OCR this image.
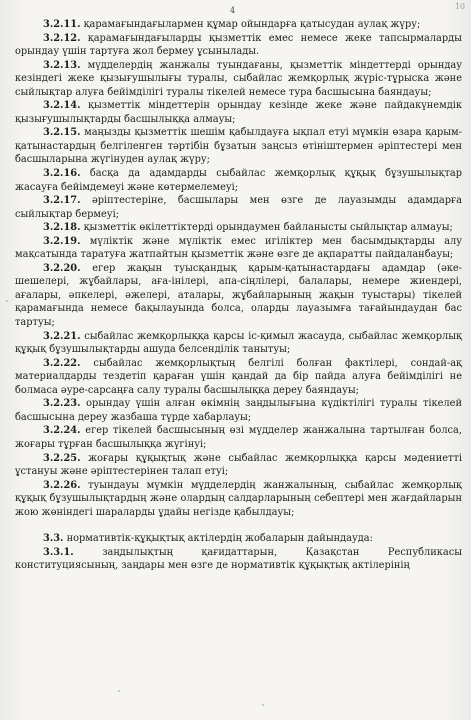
4	10

3.2.11. қарамағындағылармен құмар ойындарға қатысудан аулақ жүру;

3.2.12. қарамағындағыларды қызметтік емес немесе жеке тапсырмаларды орындау үшін тартуға жол бермеу ұсынылады.

3.2.13. мүдделердің жанжалы туындағаны, қызметтік міндеттерді орындау кезіндегі жеке қызығушылығы туралы, сыбайлас жемқорлық жүріс-тұрыска және сыйлықтар алуға бейімділігі туралы тікелей немесе тура басшысына баяндауы;

3.2.14. қызметтік міндеттерін орындау кезінде жеке және пайдакүнемдік қызығушылықтарды басшылыққа алмауы;

3.2.15. маңызды қызметтік шешім қабылдауға ықпал етуі мүмкін өзара қарым-қатынастардың белгіленген тәртібін бұзатын заңсыз өтініштермен әріптестері мен басшыларына жүгінуден аулақ жүру;

3.2.16. басқа да адамдарды сыбайлас жемқорлық құқық бұзушылықтар жасауға бейімдемеуі және көтермелемеуі;

3.2.17. әріптестеріне, басшылары мен өзге де лауазымды адамдарға сыйлықтар бермеуі;

3.2.18. қызметтік өкілеттіктерді орындаумен байланысты сыйлықтар алмауы;

3.2.19. мүліктік және мүліктік емес игіліктер мен басымдықтарды алу мақсатында таратуға жатпайтын қызметтік және өзге де ақпаратты пайдаланбауы;

3.2.20. егер жақын туысқандық қарым-қатынастардағы адамдар (әке-шешелері, жұбайлары, аға-інілері, апа-сіңлілері, балалары, немере жиендері, ағалары, әпкелері, әжелері, аталары, жұбайларының жақын туыстары) тікелей қарамағында немесе бақылауында болса, оларды лауазымға тағайындаудан бас тартуы;

3.2.21. сыбайлас жемқорлыққа қарсы іс-қимыл жасауда, сыбайлас жемқорлық құқық бұзушылықтарды ашуда белсенділік танытуы;

3.2.22. сыбайлас жемқорлықтың белгілі болған фактілері, сондай-ақ материалдарды тездетіп қараған үшін қандай да бір пайда алуға бейімділігі не болмаса әуре-сарсаңға салу туралы басшылыққа дереу баяндауы;

3.2.23. орындау үшін алған өкімнің заңдылығына күдіктілігі туралы тікелей басшысына дереу жазбаша түрде хабарлауы;

3.2.24. егер тікелей басшысының өзі мүдделер жанжалына тартылған болса, жоғары тұрған басшылыққа жүгінуі;

3.2.25. жоғары құқықтық және сыбайлас жемқорлыққа қарсы мәдениетті ұстануы және әріптестерінен талап етуі;

3.2.26. туындауы мүмкін мүдделердің жанжалының, сыбайлас жемқорлық құқық бұзушылықтардың және олардың салдарларының себептері мен жағдайларын жою жөніндегі шараларды ұдайы негізде қабылдауы;

3.3. нормативтік-құқықтық актілердің жобаларын дайындауда:

3.3.1.	заңдылықтың қағидаттарын, Қазақстан Республикасы конституциясының, заңдары мен өзге де нормативтік құқықтық актілерінің
